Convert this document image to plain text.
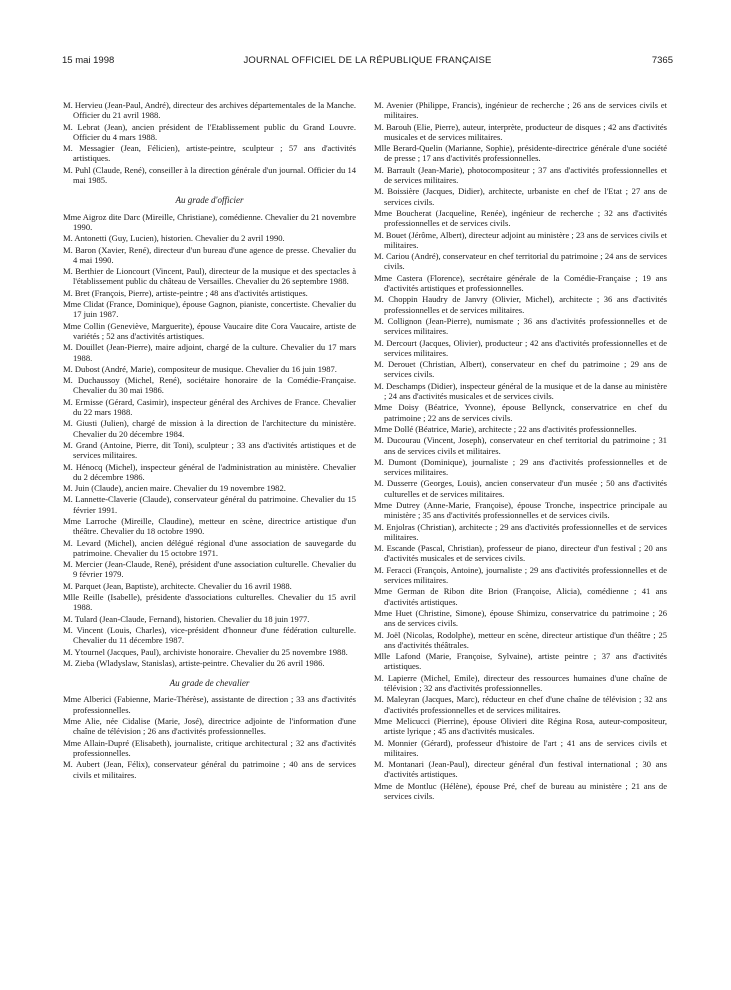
15 mai 1998	JOURNAL OFFICIEL DE LA RÉPUBLIQUE FRANÇAISE	7365

M. Hervieu (Jean-Paul, André), directeur des archives départementales de la Manche. Officier du 21 avril 1988.

M. Lebrat (Jean), ancien président de l'Etablissement public du Grand Louvre. Officier du 4 mars 1988.

M. Messagier (Jean, Félicien), artiste-peintre, sculpteur ; 57 ans d'activités artistiques.

M. Puhl (Claude, René), conseiller à la direction générale d'un journal. Officier du 14 mai 1985.

Au grade d'officier

Mme Aigroz dite Darc (Mireille, Christiane), comédienne. Chevalier du 21 novembre 1990.

M. Antonetti (Guy, Lucien), historien. Chevalier du 2 avril 1990.

M. Baron (Xavier, René), directeur d'un bureau d'une agence de presse. Chevalier du 4 mai 1990.

M. Berthier de Lioncourt (Vincent, Paul), directeur de la musique et des spectacles à l'établissement public du château de Versailles. Chevalier du 26 septembre 1988.

M. Bret (François, Pierre), artiste-peintre ; 48 ans d'activités artistiques.

Mme Clidat (France, Dominique), épouse Gagnon, pianiste, concertiste. Chevalier du 17 juin 1987.

Mme Collin (Geneviève, Marguerite), épouse Vaucaire dite Cora Vaucaire, artiste de variétés ; 52 ans d'activités artistiques.

M. Douillet (Jean-Pierre), maire adjoint, chargé de la culture. Chevalier du 17 mars 1988.

M. Dubost (André, Marie), compositeur de musique. Chevalier du 16 juin 1987.

M. Duchaussoy (Michel, René), sociétaire honoraire de la Comédie-Française. Chevalier du 30 mai 1986.

M. Ermisse (Gérard, Casimir), inspecteur général des Archives de France. Chevalier du 22 mars 1988.

M. Giusti (Julien), chargé de mission à la direction de l'architecture du ministère. Chevalier du 20 décembre 1984.

M. Grand (Antoine, Pierre, dit Toni), sculpteur ; 33 ans d'activités artistiques et de services militaires.

M. Hénocq (Michel), inspecteur général de l'administration au ministère. Chevalier du 2 décembre 1986.

M. Juin (Claude), ancien maire. Chevalier du 19 novembre 1982.

M. Lannette-Claverie (Claude), conservateur général du patrimoine. Chevalier du 15 février 1991.

Mme Larroche (Mireille, Claudine), metteur en scène, directrice artistique d'un théâtre. Chevalier du 18 octobre 1990.

M. Levard (Michel), ancien délégué régional d'une association de sauvegarde du patrimoine. Chevalier du 15 octobre 1971.

M. Mercier (Jean-Claude, René), président d'une association culturelle. Chevalier du 9 février 1979.

M. Parquet (Jean, Baptiste), architecte. Chevalier du 16 avril 1988.

Mlle Reille (Isabelle), présidente d'associations culturelles. Chevalier du 15 avril 1988.

M. Tulard (Jean-Claude, Fernand), historien. Chevalier du 18 juin 1977.

M. Vincent (Louis, Charles), vice-président d'honneur d'une fédération culturelle. Chevalier du 11 décembre 1987.

M. Ytournel (Jacques, Paul), archiviste honoraire. Chevalier du 25 novembre 1988.

M. Zieba (Wladyslaw, Stanislas), artiste-peintre. Chevalier du 26 avril 1986.

Au grade de chevalier

Mme Alberici (Fabienne, Marie-Thérèse), assistante de direction ; 33 ans d'activités professionnelles.

Mme Alie, née Cidalise (Marie, José), directrice adjointe de l'information d'une chaîne de télévision ; 26 ans d'activités professionnelles.

Mme Allain-Dupré (Elisabeth), journaliste, critique architectural ; 32 ans d'activités professionnelles.

M. Aubert (Jean, Félix), conservateur général du patrimoine ; 40 ans de services civils et militaires.

M. Avenier (Philippe, Francis), ingénieur de recherche ; 26 ans de services civils et militaires.

M. Barouh (Elie, Pierre), auteur, interprète, producteur de disques ; 42 ans d'activités musicales et de services militaires.

Mlle Berard-Quelin (Marianne, Sophie), présidente-directrice générale d'une société de presse ; 17 ans d'activités professionnelles.

M. Barrault (Jean-Marie), photocompositeur ; 37 ans d'activités professionnelles et de services militaires.

M. Boissière (Jacques, Didier), architecte, urbaniste en chef de l'Etat ; 27 ans de services civils.

Mme Boucherat (Jacqueline, Renée), ingénieur de recherche ; 32 ans d'activités professionnelles et de services civils.

M. Bouet (Jérôme, Albert), directeur adjoint au ministère ; 23 ans de services civils et militaires.

M. Cariou (André), conservateur en chef territorial du patrimoine ; 24 ans de services civils.

Mme Castera (Florence), secrétaire générale de la Comédie-Française ; 19 ans d'activités artistiques et professionnelles.

M. Choppin Haudry de Janvry (Olivier, Michel), architecte ; 36 ans d'activités professionnelles et de services militaires.

M. Collignon (Jean-Pierre), numismate ; 36 ans d'activités professionnelles et de services militaires.

M. Dercourt (Jacques, Olivier), producteur ; 42 ans d'activités professionnelles et de services militaires.

M. Derouet (Christian, Albert), conservateur en chef du patrimoine ; 29 ans de services civils.

M. Deschamps (Didier), inspecteur général de la musique et de la danse au ministère ; 24 ans d'activités musicales et de services civils.

Mme Doisy (Béatrice, Yvonne), épouse Bellynck, conservatrice en chef du patrimoine ; 22 ans de services civils.

Mme Dollé (Béatrice, Marie), architecte ; 22 ans d'activités professionnelles.

M. Ducourau (Vincent, Joseph), conservateur en chef territorial du patrimoine ; 31 ans de services civils et militaires.

M. Dumont (Dominique), journaliste ; 29 ans d'activités professionnelles et de services militaires.

M. Dusserre (Georges, Louis), ancien conservateur d'un musée ; 50 ans d'activités culturelles et de services militaires.

Mme Dutrey (Anne-Marie, Françoise), épouse Tronche, inspectrice principale au ministère ; 35 ans d'activités professionnelles et de services civils.

M. Enjolras (Christian), architecte ; 29 ans d'activités professionnelles et de services militaires.

M. Escande (Pascal, Christian), professeur de piano, directeur d'un festival ; 20 ans d'activités musicales et de services civils.

M. Feracci (François, Antoine), journaliste ; 29 ans d'activités professionnelles et de services militaires.

Mme German de Ribon dite Brion (Françoise, Alicia), comédienne ; 41 ans d'activités artistiques.

Mme Huet (Christine, Simone), épouse Shimizu, conservatrice du patrimoine ; 26 ans de services civils.

M. Joël (Nicolas, Rodolphe), metteur en scène, directeur artistique d'un théâtre ; 25 ans d'activités théâtrales.

Mlle Lafond (Marie, Françoise, Sylvaine), artiste peintre ; 37 ans d'activités artistiques.

M. Lapierre (Michel, Emile), directeur des ressources humaines d'une chaîne de télévision ; 32 ans d'activités professionnelles.

M. Maleyran (Jacques, Marc), réducteur en chef d'une chaîne de télévision ; 32 ans d'activités professionnelles et de services militaires.

Mme Melicucci (Pierrine), épouse Olivieri dite Régina Rosa, auteur-compositeur, artiste lyrique ; 45 ans d'activités musicales.

M. Monnier (Gérard), professeur d'histoire de l'art ; 41 ans de services civils et militaires.

M. Montanari (Jean-Paul), directeur général d'un festival international ; 30 ans d'activités artistiques.

Mme de Montluc (Hélène), épouse Pré, chef de bureau au ministère ; 21 ans de services civils.
